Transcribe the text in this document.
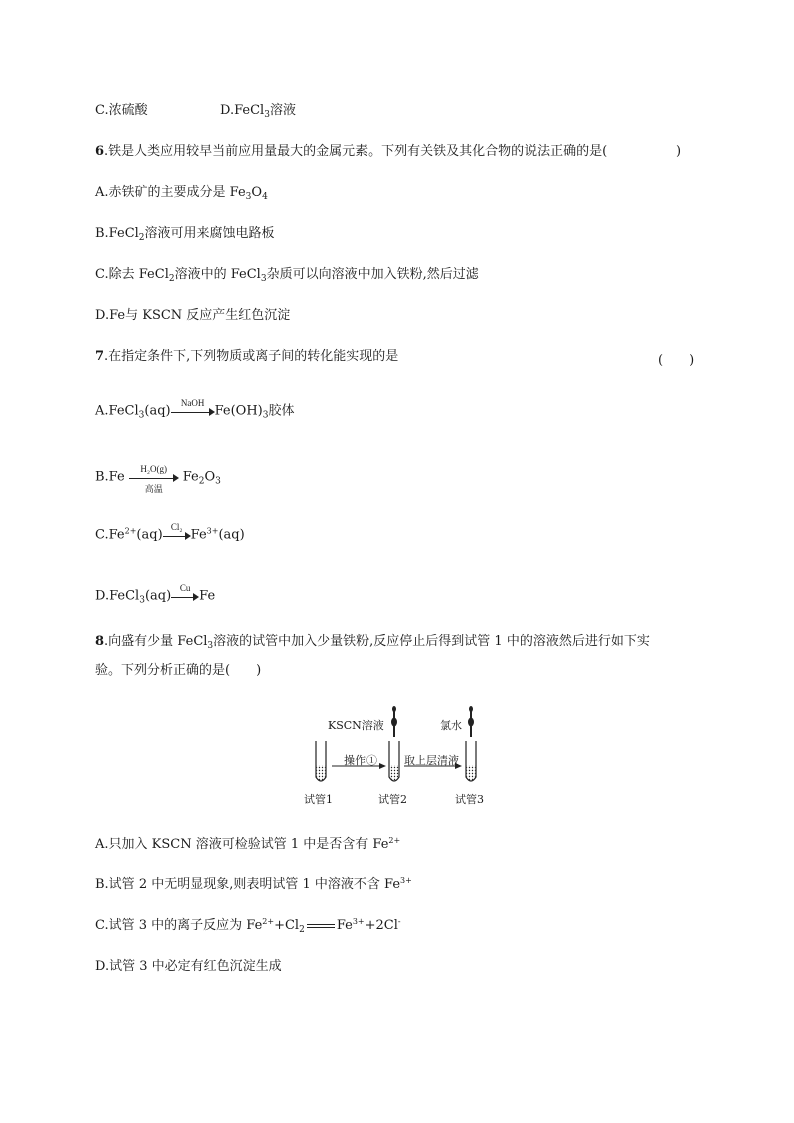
C.浓硫酸	D.FeCl$_3$溶液
6.铁是人类应用较早当前应用量最大的金属元素。下列有关铁及其化合物的说法正确的是(	)
A.赤铁矿的主要成分是 $Fe_3O_4$
B.FeCl$_2$溶液可用来腐蚀电路板
C.除去 FeCl$_2$溶液中的 FeCl$_3$杂质可以向溶液中加入铁粉,然后过滤
D.Fe与 KSCN 反应产生红色沉淀
7.在指定条件下,下列物质或离子间的转化能实现的是	(　　)
A.FeCl$_3$(aq)
NaOH
$Fe(OH)_3$胶体
B.Fe
H₂O(g)
高温
$Fe_2O_3$
$C.Fe^{2+}(aq)$
Cl₂
$Fe^{3+}(aq)$
D.FeCl$_3$(aq)
Cu
Fe
8.向盛有少量 FeCl$_3$溶液的试管中加入少量铁粉,反应停止后得到试管 1 中的溶液然后进行如下实
验。下列分析正确的是(　　)
KSCN溶液	氯水
操作① 取上层清液
试管1	试管2	试管3
A.只加入 KSCN 溶液可检验试管 1 中是否含有 $Fe^{2+}$
B.试管 2 中无明显现象,则表明试管 1 中溶液不含 $Fe^{3+}$
C.试管 3 中的离子反应为 $Fe^{2+}+Cl_2$ $Fe^{3+}+2Cl^-$
D.试管 3 中必定有红色沉淀生成
